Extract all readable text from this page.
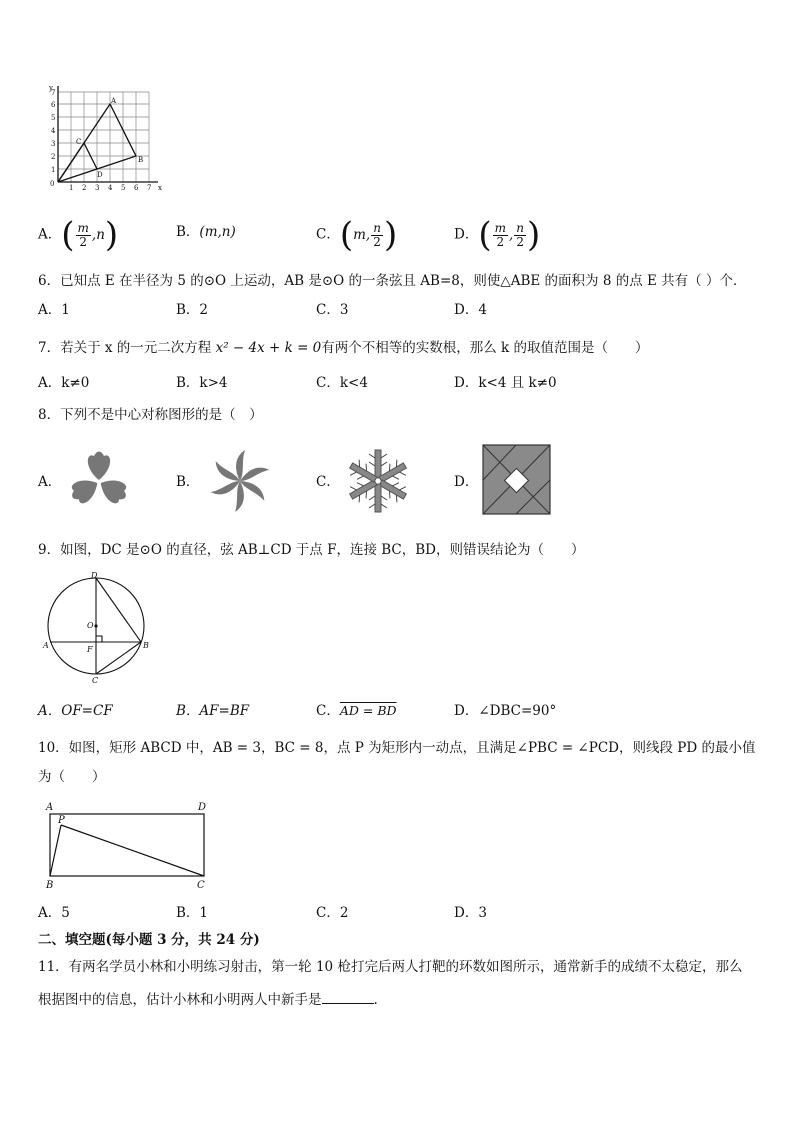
y
x
0
1
2
3
4
5
6
7
1 2 3 4 5 6 7
A
B
C
D
A． ( $\frac{m}{2}$ , n )	B．(m,n)	C． ( m , $\frac{n}{2}$ )	D． ( $\frac{m}{2}$ , $\frac{n}{2}$ )
6．已知点 E 在半径为 5 的⊙O 上运动，AB 是⊙O 的一条弦且 AB=8，则使△ABE 的面积为 8 的点 E 共有（ ）个．
A．1	B．2	C．3	D．4
7．若关于 x 的一元二次方程 x² − 4x + k = 0有两个不相等的实数根，那么 k 的取值范围是（　　）
A．k≠0	B．k>4	C．k<4	D．k<4 且 k≠0
8．下列不是中心对称图形的是（　）
A．	B．	C．	D．
9．如图，DC 是⊙O 的直径，弦 AB⊥CD 于点 F，连接 BC，BD，则错误结论为（　　）
D
O
A	F	B
C
A．OF=CF	B．AF=BF	C．AD = BD	D．∠DBC=90°
10．如图，矩形 ABCD 中，AB = 3，BC = 8，点 P 为矩形内一动点，且满足∠PBC = ∠PCD，则线段 PD 的最小值
为（　　）
A	D
P
B	C
A．5	B．1	C．2	D．3
二、填空题(每小题 3 分，共 24 分)
11．有两名学员小林和小明练习射击，第一轮 10 枪打完后两人打靶的环数如图所示，通常新手的成绩不太稳定，那么
根据图中的信息，估计小林和小明两人中新手是	.
